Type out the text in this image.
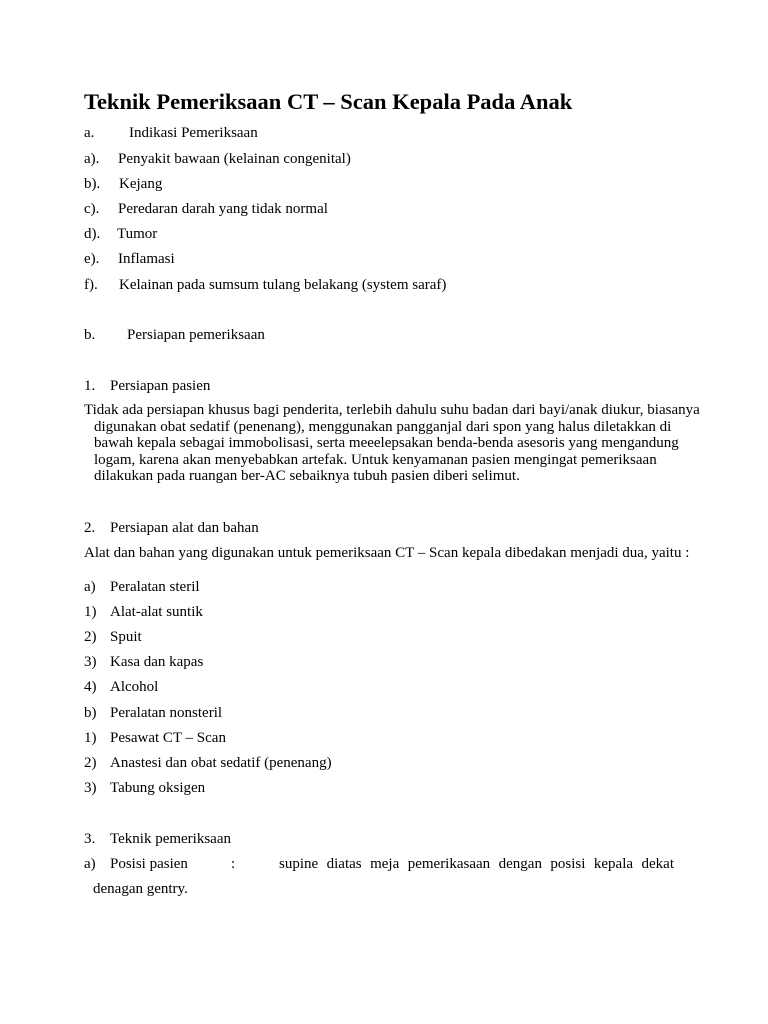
Teknik Pemeriksaan CT – Scan Kepala Pada Anak
a. Indikasi Pemeriksaan
a). Penyakit bawaan (kelainan congenital)
b). Kejang
c). Peredaran darah yang tidak normal
d). Tumor
e). Inflamasi
f). Kelainan pada sumsum tulang belakang (system saraf)
b. Persiapan pemeriksaan
1. Persiapan pasien
Tidak ada persiapan khusus bagi penderita, terlebih dahulu suhu badan dari bayi/anak diukur, biasanya digunakan obat sedatif (penenang), menggunakan pangganjal dari spon yang halus diletakkan di bawah kepala sebagai immobolisasi, serta meeelepsakan benda-benda asesoris yang mengandung logam, karena akan menyebabkan artefak. Untuk kenyamanan pasien mengingat pemeriksaan dilakukan pada ruangan ber-AC sebaiknya tubuh pasien diberi selimut.
2. Persiapan alat dan bahan
Alat dan bahan yang digunakan untuk pemeriksaan CT – Scan kepala dibedakan menjadi dua, yaitu :
a) Peralatan steril
1) Alat-alat suntik
2) Spuit
3) Kasa dan kapas
4) Alcohol
b) Peralatan nonsteril
1) Pesawat CT – Scan
2) Anastesi dan obat sedatif (penenang)
3) Tabung oksigen
3. Teknik pemeriksaan
a) Posisi pasien	:	supine diatas meja pemerikasaan dengan posisi kepala dekat
denagan gentry.
